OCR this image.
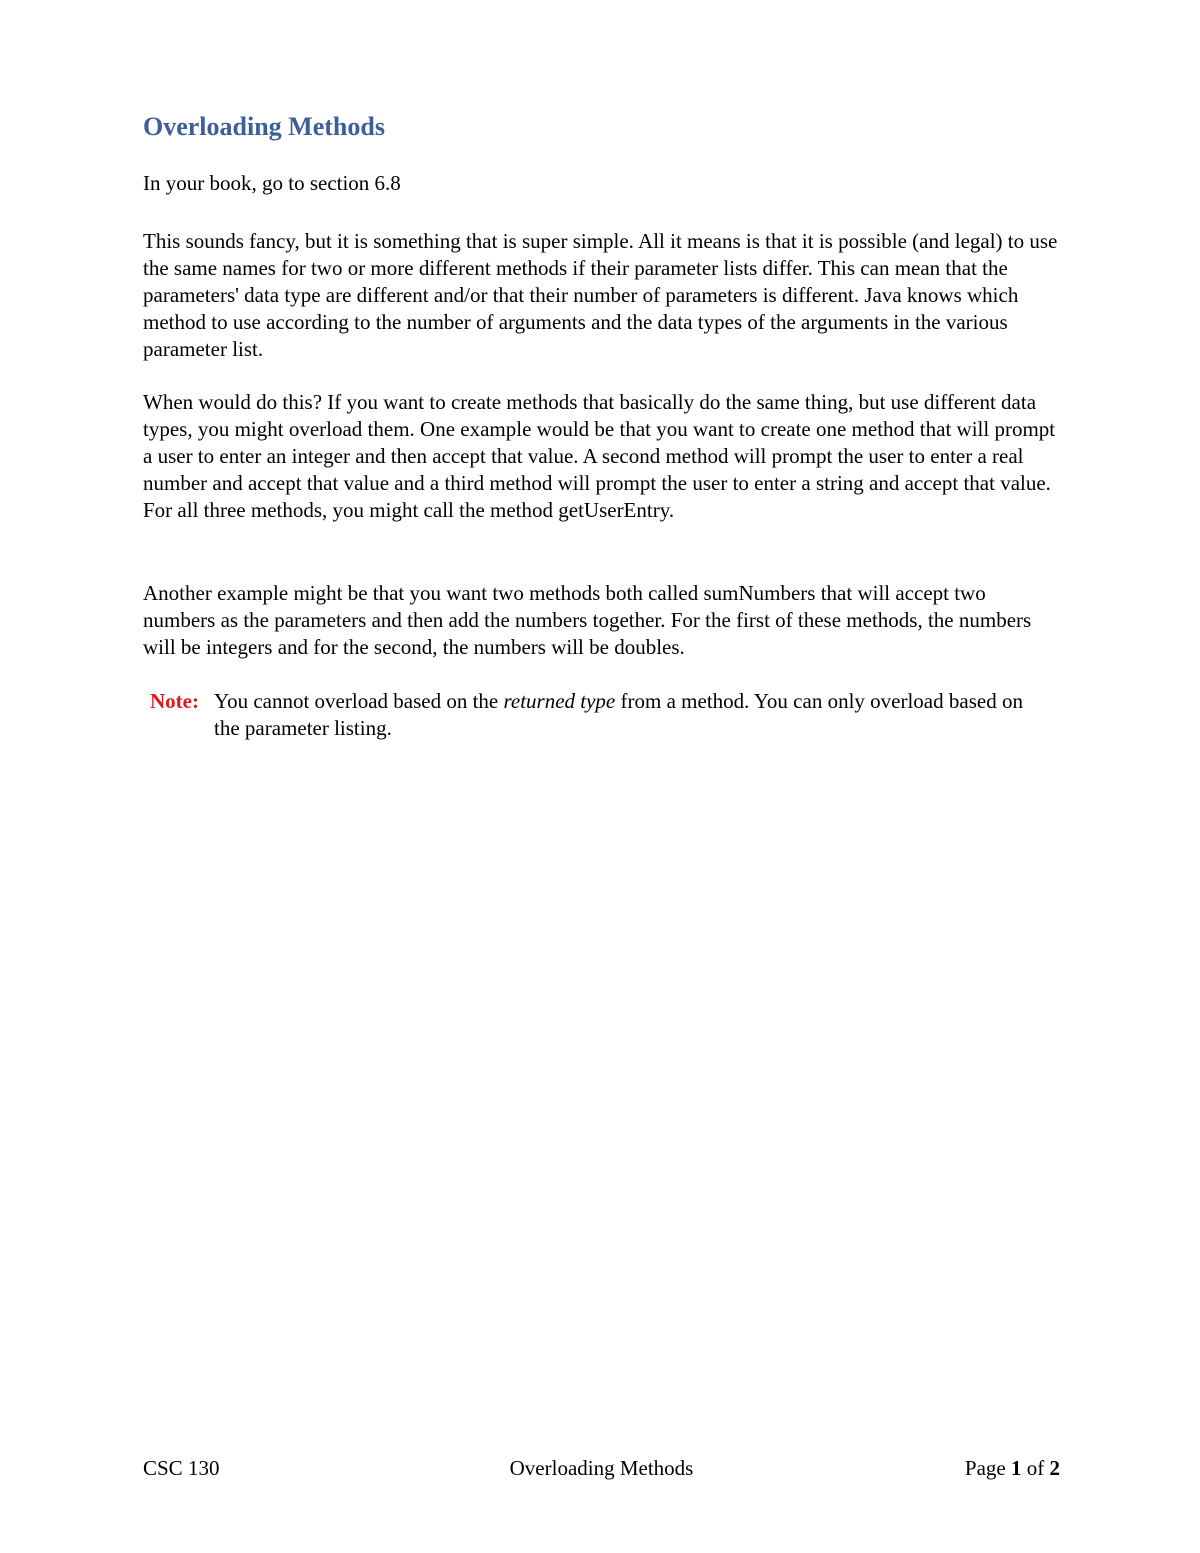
Overloading Methods

In your book, go to section 6.8

This sounds fancy, but it is something that is super simple. All it means is that it is possible (and legal) to use the same names for two or more different methods if their parameter lists differ. This can mean that the parameters' data type are different and/or that their number of parameters is different. Java knows which method to use according to the number of arguments and the data types of the arguments in the various parameter list.

When would do this? If you want to create methods that basically do the same thing, but use different data types, you might overload them. One example would be that you want to create one method that will prompt a user to enter an integer and then accept that value. A second method will prompt the user to enter a real number and accept that value and a third method will prompt the user to enter a string and accept that value. For all three methods, you might call the method getUserEntry.

Another example might be that you want two methods both called sumNumbers that will accept two numbers as the parameters and then add the numbers together. For the first of these methods, the numbers will be integers and for the second, the numbers will be doubles.

Note: You cannot overload based on the returned type from a method. You can only overload based on the parameter listing.
CSC 130	Overloading Methods	Page 1 of 2
